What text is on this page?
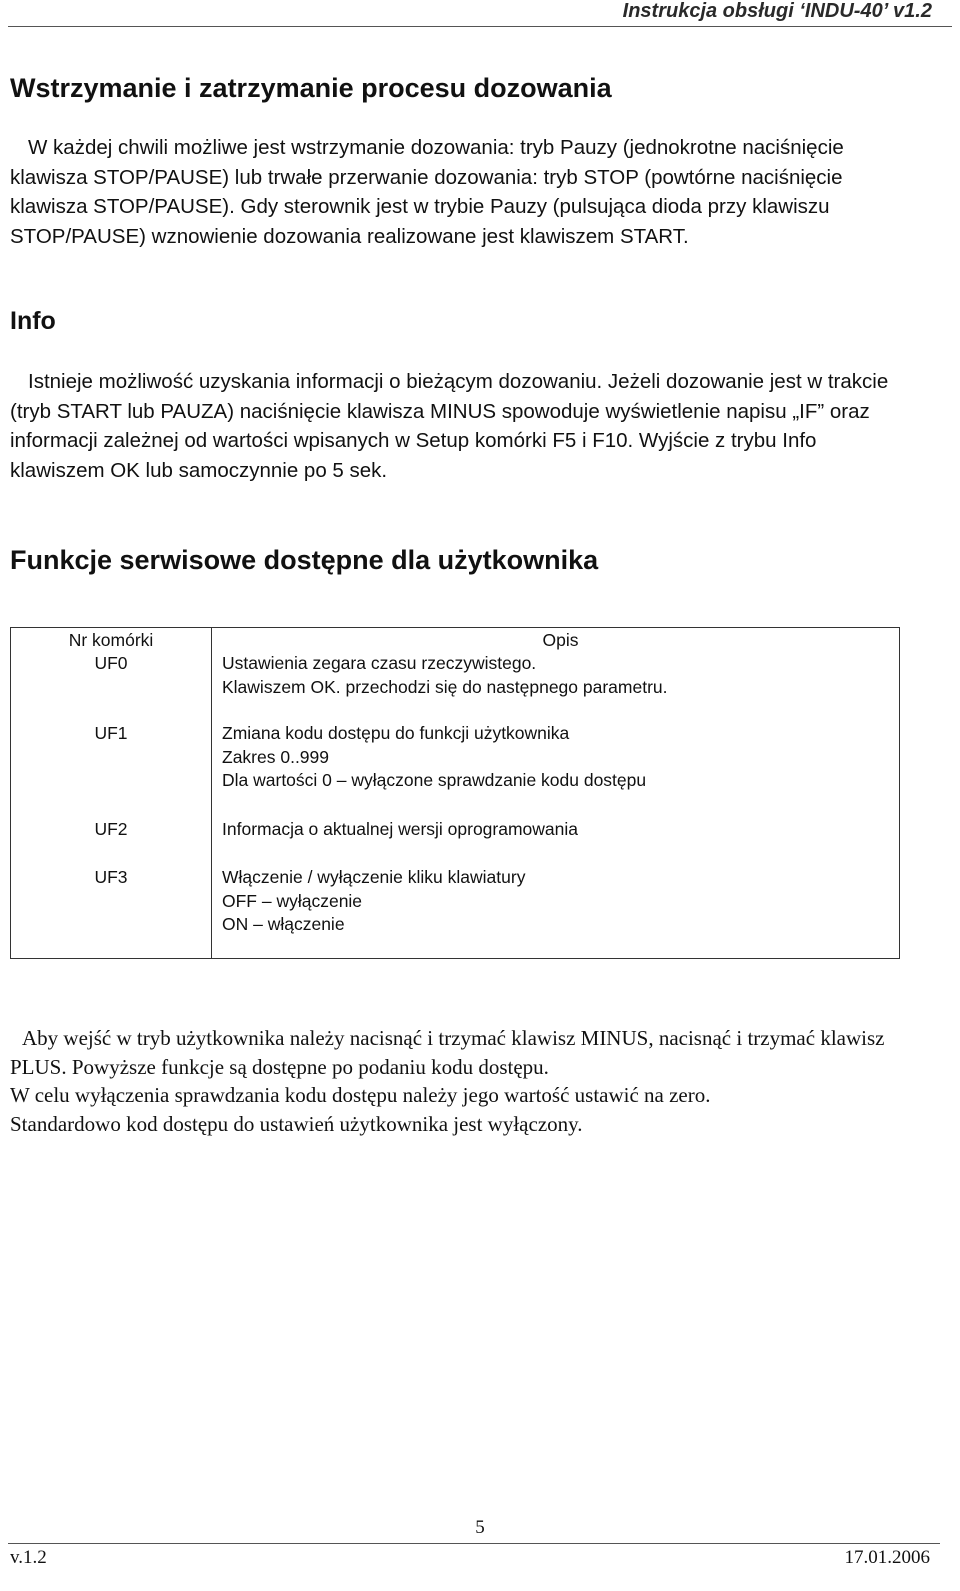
Instrukcja obsługi ‘INDU-40’ v1.2
Wstrzymanie i zatrzymanie procesu dozowania
W każdej chwili możliwe jest wstrzymanie dozowania: tryb Pauzy (jednokrotne naciśnięcie klawisza STOP/PAUSE) lub trwałe przerwanie dozowania: tryb STOP (powtórne naciśnięcie klawisza STOP/PAUSE). Gdy sterownik jest w trybie Pauzy (pulsująca dioda przy klawiszu STOP/PAUSE) wznowienie dozowania realizowane jest klawiszem START.
Info
Istnieje możliwość uzyskania informacji o bieżącym dozowaniu. Jeżeli dozowanie jest w trakcie (tryb START lub PAUZA) naciśnięcie klawisza MINUS spowoduje wyświetlenie napisu „IF” oraz informacji zależnej od wartości wpisanych w Setup komórki F5 i F10. Wyjście z trybu Info klawiszem OK lub samoczynnie po 5 sek.
Funkcje serwisowe dostępne dla użytkownika
Nr komórki	Opis

UF0	Ustawienia zegara czasu rzeczywistego.
Klawiszem OK. przechodzi się do następnego parametru.

UF1	Zmiana kodu dostępu do funkcji użytkownika
Zakres 0..999
Dla wartości 0 – wyłączone sprawdzanie kodu dostępu

UF2	Informacja o aktualnej wersji oprogramowania

UF3	Włączenie / wyłączenie kliku klawiatury
OFF – wyłączenie
ON – włączenie
Aby wejść w tryb użytkownika należy nacisnąć i trzymać klawisz MINUS, nacisnąć i trzymać klawisz PLUS. Powyższe funkcje są dostępne po podaniu kodu dostępu.
W celu wyłączenia sprawdzania kodu dostępu należy jego wartość ustawić na zero.
Standardowo kod dostępu do ustawień użytkownika jest wyłączony.
5
v.1.2	17.01.2006
